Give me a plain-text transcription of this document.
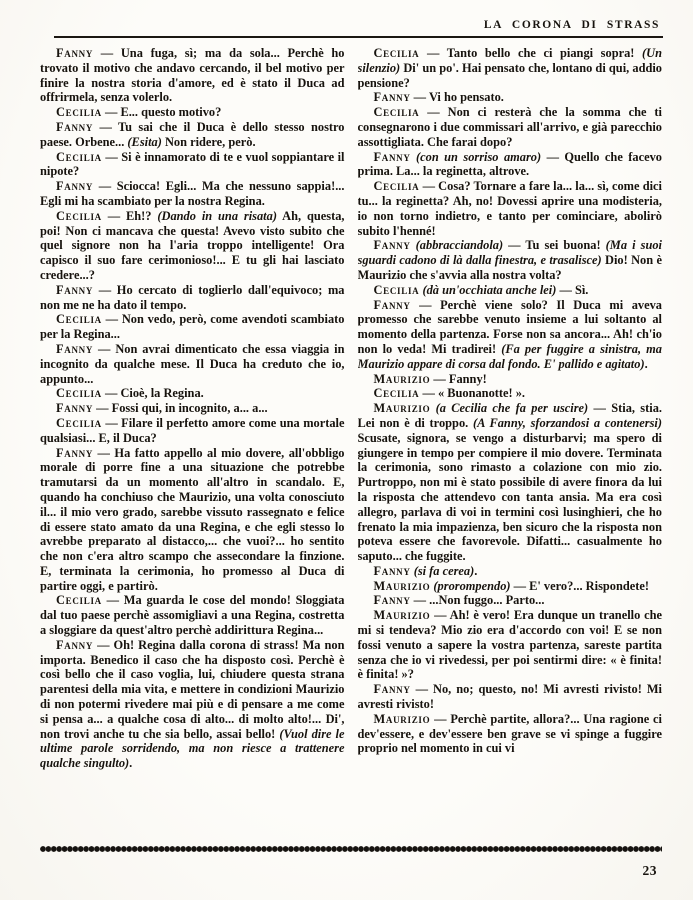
LA CORONA DI STRASS

Fanny — Una fuga, sì; ma da sola... Perchè ho trovato il motivo che andavo cercando, il bel motivo per finire la nostra storia d'amore, ed è stato il Duca ad offrirmela, senza volerlo.

Cecilia — E... questo motivo?

Fanny — Tu sai che il Duca è dello stesso nostro paese. Orbene... (Esita) Non ridere, però.

Cecilia — Si è innamorato di te e vuol soppiantare il nipote?

Fanny — Sciocca! Egli... Ma che nessuno sappia!... Egli mi ha scambiato per la nostra Regina.

Cecilia — Eh!? (Dando in una risata) Ah, questa, poi! Non ci mancava che questa! Avevo visto subito che quel signore non ha l'aria troppo intelligente! Ora capisco il suo fare cerimonioso!... E tu gli hai lasciato credere...?

Fanny — Ho cercato di toglierlo dall'equivoco; ma non me ne ha dato il tempo.

Cecilia — Non vedo, però, come avendoti scambiato per la Regina...

Fanny — Non avrai dimenticato che essa viaggia in incognito da qualche mese. Il Duca ha creduto che io, appunto...

Cecilia — Cioè, la Regina.

Fanny — Fossi qui, in incognito, a... a...

Cecilia — Filare il perfetto amore come una mortale qualsiasi... E, il Duca?

Fanny — Ha fatto appello al mio dovere, all'obbligo morale di porre fine a una situazione che potrebbe tramutarsi da un momento all'altro in scandalo. E, quando ha conchiuso che Maurizio, una volta conosciuto il... il mio vero grado, sarebbe vissuto rassegnato e felice di essere stato amato da una Regina, e che egli stesso lo avrebbe preparato al distacco,... che vuoi?... ho sentito che non c'era altro scampo che assecondare la finzione. E, terminata la cerimonia, ho promesso al Duca di partire oggi, e partirò.

Cecilia — Ma guarda le cose del mondo! Sloggiata dal tuo paese perchè assomigliavi a una Regina, costretta a sloggiare da quest'altro perchè addirittura Regina...

Fanny — Oh! Regina dalla corona di strass! Ma non importa. Benedico il caso che ha disposto così. Perchè è così bello che il caso voglia, lui, chiudere questa strana parentesi della mia vita, e mettere in condizioni Maurizio di non potermi rivedere mai più e di pensare a me come si pensa a... a qualche cosa di alto... di molto alto!... Di', non trovi anche tu che sia bello, assai bello! (Vuol dire le ultime parole sorridendo, ma non riesce a trattenere qualche singulto).

Cecilia — Tanto bello che ci piangi sopra! (Un silenzio) Di' un po'. Hai pensato che, lontano di qui, addio pensione?

Fanny — Vi ho pensato.

Cecilia — Non ci resterà che la somma che ti consegnarono i due commissari all'arrivo, e già parecchio assottigliata. Che farai dopo?

Fanny (con un sorriso amaro) — Quello che facevo prima. La... la reginetta, altrove.

Cecilia — Cosa? Tornare a fare la... la... sì, come dici tu... la reginetta? Ah, no! Dovessi aprire una modisteria, io non torno indietro, e tanto per cominciare, abolirò subito l'henné!

Fanny (abbracciandola) — Tu sei buona! (Ma i suoi sguardi cadono di là dalla finestra, e trasalisce) Dio! Non è Maurizio che s'avvia alla nostra volta?

Cecilia (dà un'occhiata anche lei) — Sì.

Fanny — Perchè viene solo? Il Duca mi aveva promesso che sarebbe venuto insieme a lui soltanto al momento della partenza. Forse non sa ancora... Ah! ch'io non lo veda! Mi tradirei! (Fa per fuggire a sinistra, ma Maurizio appare di corsa dal fondo. E' pallido e agitato).

Maurizio — Fanny!

Cecilia — « Buonanotte! ».

Maurizio (a Cecilia che fa per uscire) — Stia, stia. Lei non è di troppo. (A Fanny, sforzandosi a contenersi) Scusate, signora, se vengo a disturbarvi; ma spero di giungere in tempo per compiere il mio dovere. Terminata la cerimonia, sono rimasto a colazione con mio zio. Purtroppo, non mi è stato possibile di avere finora da lui la risposta che attendevo con tanta ansia. Ma era così allegro, parlava di voi in termini così lusinghieri, che ho frenato la mia impazienza, ben sicuro che la risposta non poteva essere che favorevole. Difatti... casualmente ho saputo... che fuggite.

Fanny (si fa cerea).

Maurizio (prorompendo) — E' vero?... Rispondete!

Fanny — ...Non fuggo... Parto...

Maurizio — Ah! è vero! Era dunque un tranello che mi si tendeva? Mio zio era d'accordo con voi! E se non fossi venuto a sapere la vostra partenza, sareste partita senza che io vi rivedessi, per poi sentirmi dire: « è finita! è finita! »?

Fanny — No, no; questo, no! Mi avresti rivisto! Mi avresti rivisto!

Maurizio — Perchè partite, allora?... Una ragione ci dev'essere, e dev'essere ben grave se vi spinge a fuggire proprio nel momento in cui vi

23
